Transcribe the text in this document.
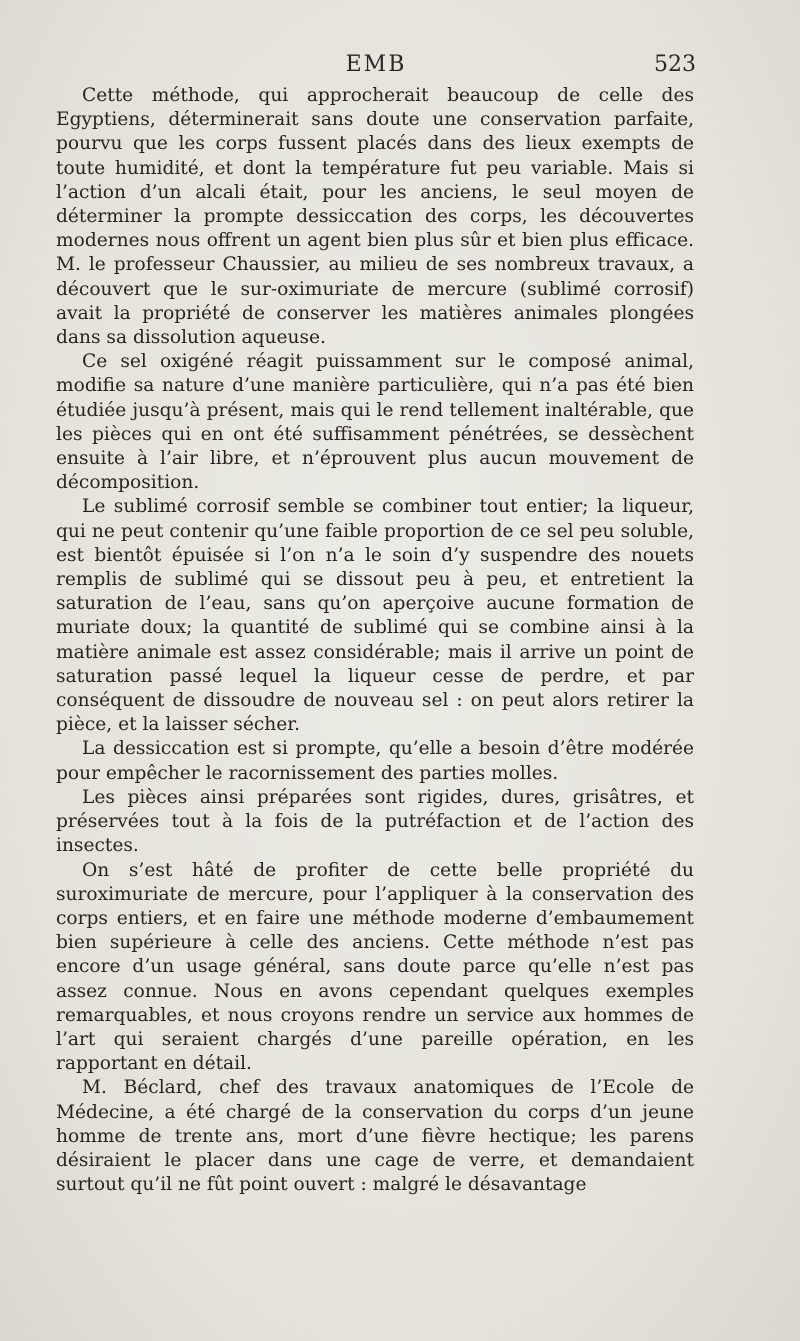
EMB	523

Cette méthode, qui approcherait beaucoup de celle des Egyptiens, déterminerait sans doute une conservation parfaite, pourvu que les corps fussent placés dans des lieux exempts de toute humidité, et dont la température fut peu variable. Mais si l’action d’un alcali était, pour les anciens, le seul moyen de déterminer la prompte dessiccation des corps, les découvertes modernes nous offrent un agent bien plus sûr et bien plus efficace. M. le professeur Chaussier, au milieu de ses nombreux travaux, a découvert que le sur-oximuriate de mercure (sublimé corrosif) avait la propriété de conserver les matières animales plongées dans sa dissolution aqueuse.

Ce sel oxigéné réagit puissamment sur le composé animal, modifie sa nature d’une manière particulière, qui n’a pas été bien étudiée jusqu’à présent, mais qui le rend tellement inaltérable, que les pièces qui en ont été suffisamment pénétrées, se dessèchent ensuite à l’air libre, et n’éprouvent plus aucun mouvement de décomposition.

Le sublimé corrosif semble se combiner tout entier; la liqueur, qui ne peut contenir qu’une faible proportion de ce sel peu soluble, est bientôt épuisée si l’on n’a le soin d’y suspendre des nouets remplis de sublimé qui se dissout peu à peu, et entretient la saturation de l’eau, sans qu’on aperçoive aucune formation de muriate doux; la quantité de sublimé qui se combine ainsi à la matière animale est assez considérable; mais il arrive un point de saturation passé lequel la liqueur cesse de perdre, et par conséquent de dissoudre de nouveau sel : on peut alors retirer la pièce, et la laisser sécher.

La dessiccation est si prompte, qu’elle a besoin d’être modérée pour empêcher le racornissement des parties molles.

Les pièces ainsi préparées sont rigides, dures, grisâtres, et préservées tout à la fois de la putréfaction et de l’action des insectes.

On s’est hâté de profiter de cette belle propriété du suroximuriate de mercure, pour l’appliquer à la conservation des corps entiers, et en faire une méthode moderne d’embaumement bien supérieure à celle des anciens. Cette méthode n’est pas encore d’un usage général, sans doute parce qu’elle n’est pas assez connue. Nous en avons cependant quelques exemples remarquables, et nous croyons rendre un service aux hommes de l’art qui seraient chargés d’une pareille opération, en les rapportant en détail.

M. Béclard, chef des travaux anatomiques de l’Ecole de Médecine, a été chargé de la conservation du corps d’un jeune homme de trente ans, mort d’une fièvre hectique; les parens désiraient le placer dans une cage de verre, et demandaient surtout qu’il ne fût point ouvert : malgré le désavantage
